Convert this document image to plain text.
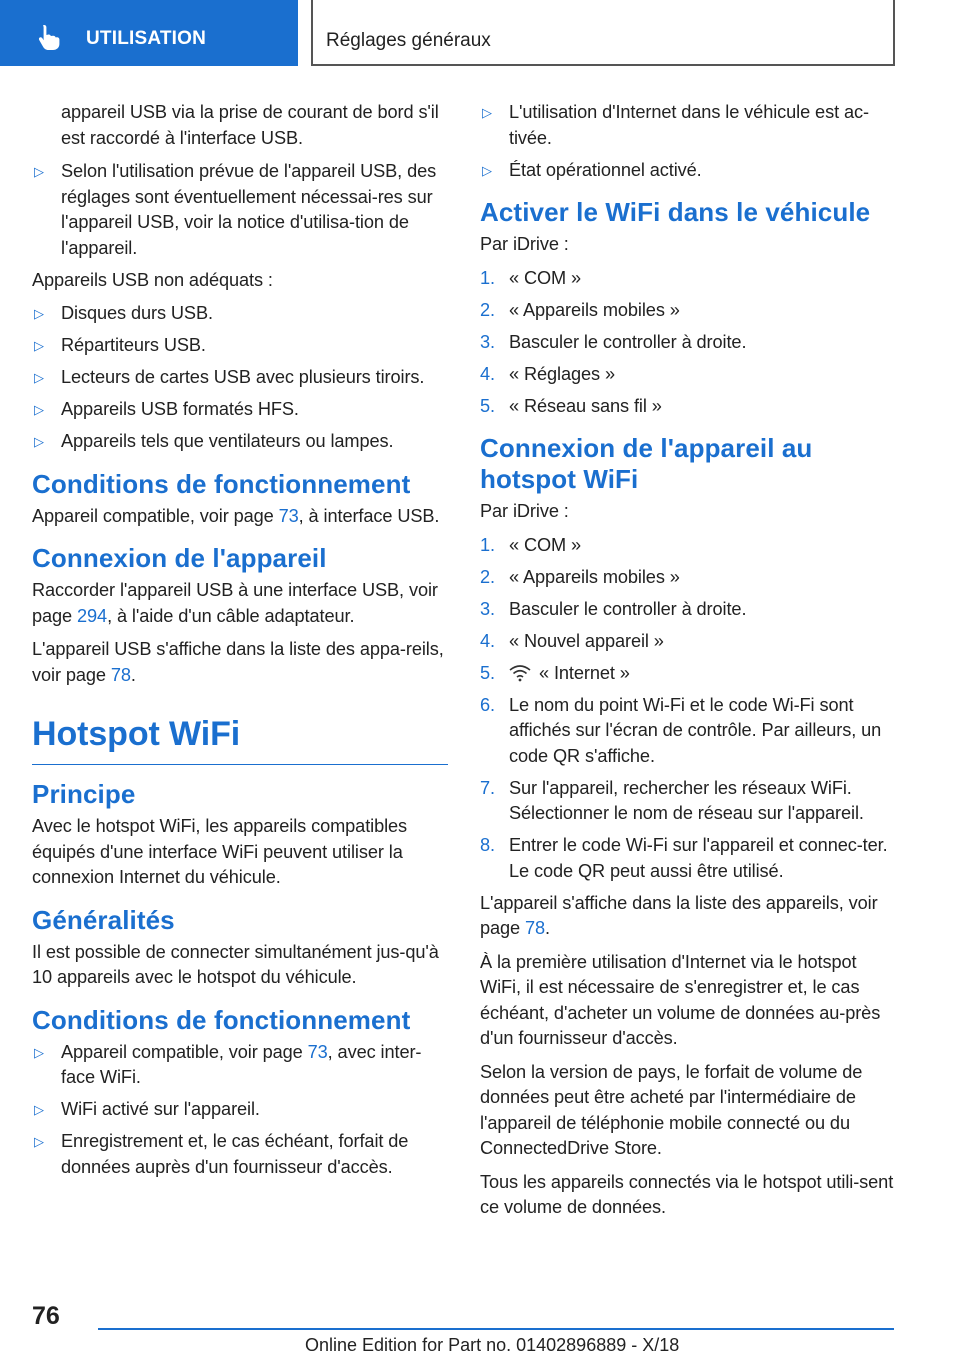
UTILISATION	Réglages généraux

appareil USB via la prise de courant de bord s'il est raccordé à l'interface USB.

▷ Selon l'utilisation prévue de l'appareil USB, des réglages sont éventuellement nécessai-res sur l'appareil USB, voir la notice d'utilisa-tion de l'appareil.

Appareils USB non adéquats :

▷ Disques durs USB.
▷ Répartiteurs USB.
▷ Lecteurs de cartes USB avec plusieurs tiroirs.
▷ Appareils USB formatés HFS.
▷ Appareils tels que ventilateurs ou lampes.
Conditions de fonctionnement

Appareil compatible, voir page 73, à interface USB.

Connexion de l'appareil

Raccorder l'appareil USB à une interface USB, voir page 294, à l'aide d'un câble adaptateur.

L'appareil USB s'affiche dans la liste des appa-reils, voir page 78.

Hotspot WiFi
Principe

Avec le hotspot WiFi, les appareils compatibles équipés d'une interface WiFi peuvent utiliser la connexion Internet du véhicule.

Généralités

Il est possible de connecter simultanément jus-qu'à 10 appareils avec le hotspot du véhicule.

Conditions de fonctionnement
▷ Appareil compatible, voir page 73, avec inter-face WiFi.
▷ WiFi activé sur l'appareil.
▷ Enregistrement et, le cas échéant, forfait de données auprès d'un fournisseur d'accès.
▷ L'utilisation d'Internet dans le véhicule est ac-tivée.
▷ État opérationnel activé.
Activer le WiFi dans le véhicule

Par iDrive :

1. « COM »
2. « Appareils mobiles »
3. Basculer le controller à droite.
4. « Réglages »
5. « Réseau sans fil »
Connexion de l'appareil au hotspot WiFi

Par iDrive :

1. « COM »
2. « Appareils mobiles »
3. Basculer le controller à droite.
4. « Nouvel appareil »
5. « Internet »
6. Le nom du point Wi-Fi et le code Wi-Fi sont affichés sur l'écran de contrôle. Par ailleurs, un code QR s'affiche.
7. Sur l'appareil, rechercher les réseaux WiFi. Sélectionner le nom de réseau sur l'appareil.
8. Entrer le code Wi-Fi sur l'appareil et connec-ter. Le code QR peut aussi être utilisé.

L'appareil s'affiche dans la liste des appareils, voir page 78.

À la première utilisation d'Internet via le hotspot WiFi, il est nécessaire de s'enregistrer et, le cas échéant, d'acheter un volume de données au-près d'un fournisseur d'accès.

Selon la version de pays, le forfait de volume de données peut être acheté par l'intermédiaire de l'appareil de téléphonie mobile connecté ou du ConnectedDrive Store.

Tous les appareils connectés via le hotspot utili-sent ce volume de données.

76
Online Edition for Part no. 01402896889 - X/18
